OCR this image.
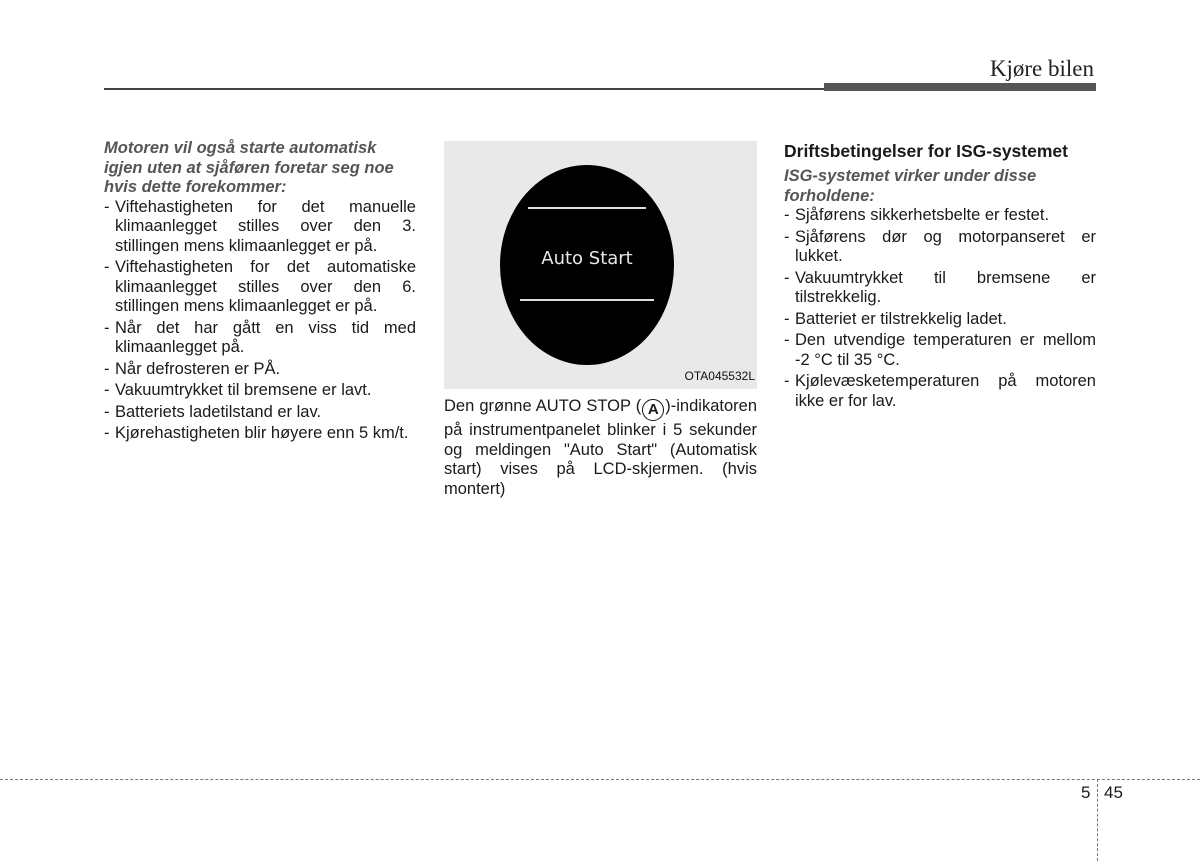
Kjøre bilen

Motoren vil også starte automatisk igjen uten at sjåføren foretar seg noe hvis dette forekommer:

- Viftehastigheten for det manuelle klimaanlegget stilles over den 3. stillingen mens klimaanlegget er på.
- Viftehastigheten for det automatiske klimaanlegget stilles over den 6. stillingen mens klimaanlegget er på.
- Når det har gått en viss tid med klimaanlegget på.
- Når defrosteren er PÅ.
- Vakuumtrykket til bremsene er lavt.
- Batteriets ladetilstand er lav.
- Kjørehastigheten blir høyere enn 5 km/t.
Auto Start
OTA045532L
Den grønne AUTO STOP ( A )-indikatoren på instrumentpanelet blinker i 5 sekunder og meldingen "Auto Start" (Automatisk start) vises på LCD-skjermen. (hvis montert)

Driftsbetingelser for ISG-systemet

ISG-systemet virker under disse forholdene:

- Sjåførens sikkerhetsbelte er festet.
- Sjåførens dør og motorpanseret er lukket.
- Vakuumtrykket til bremsene er tilstrekkelig.
- Batteriet er tilstrekkelig ladet.
- Den utvendige temperaturen er mellom -2 °C til 35 °C.
- Kjølevæsketemperaturen på motoren ikke er for lav.
5 45
